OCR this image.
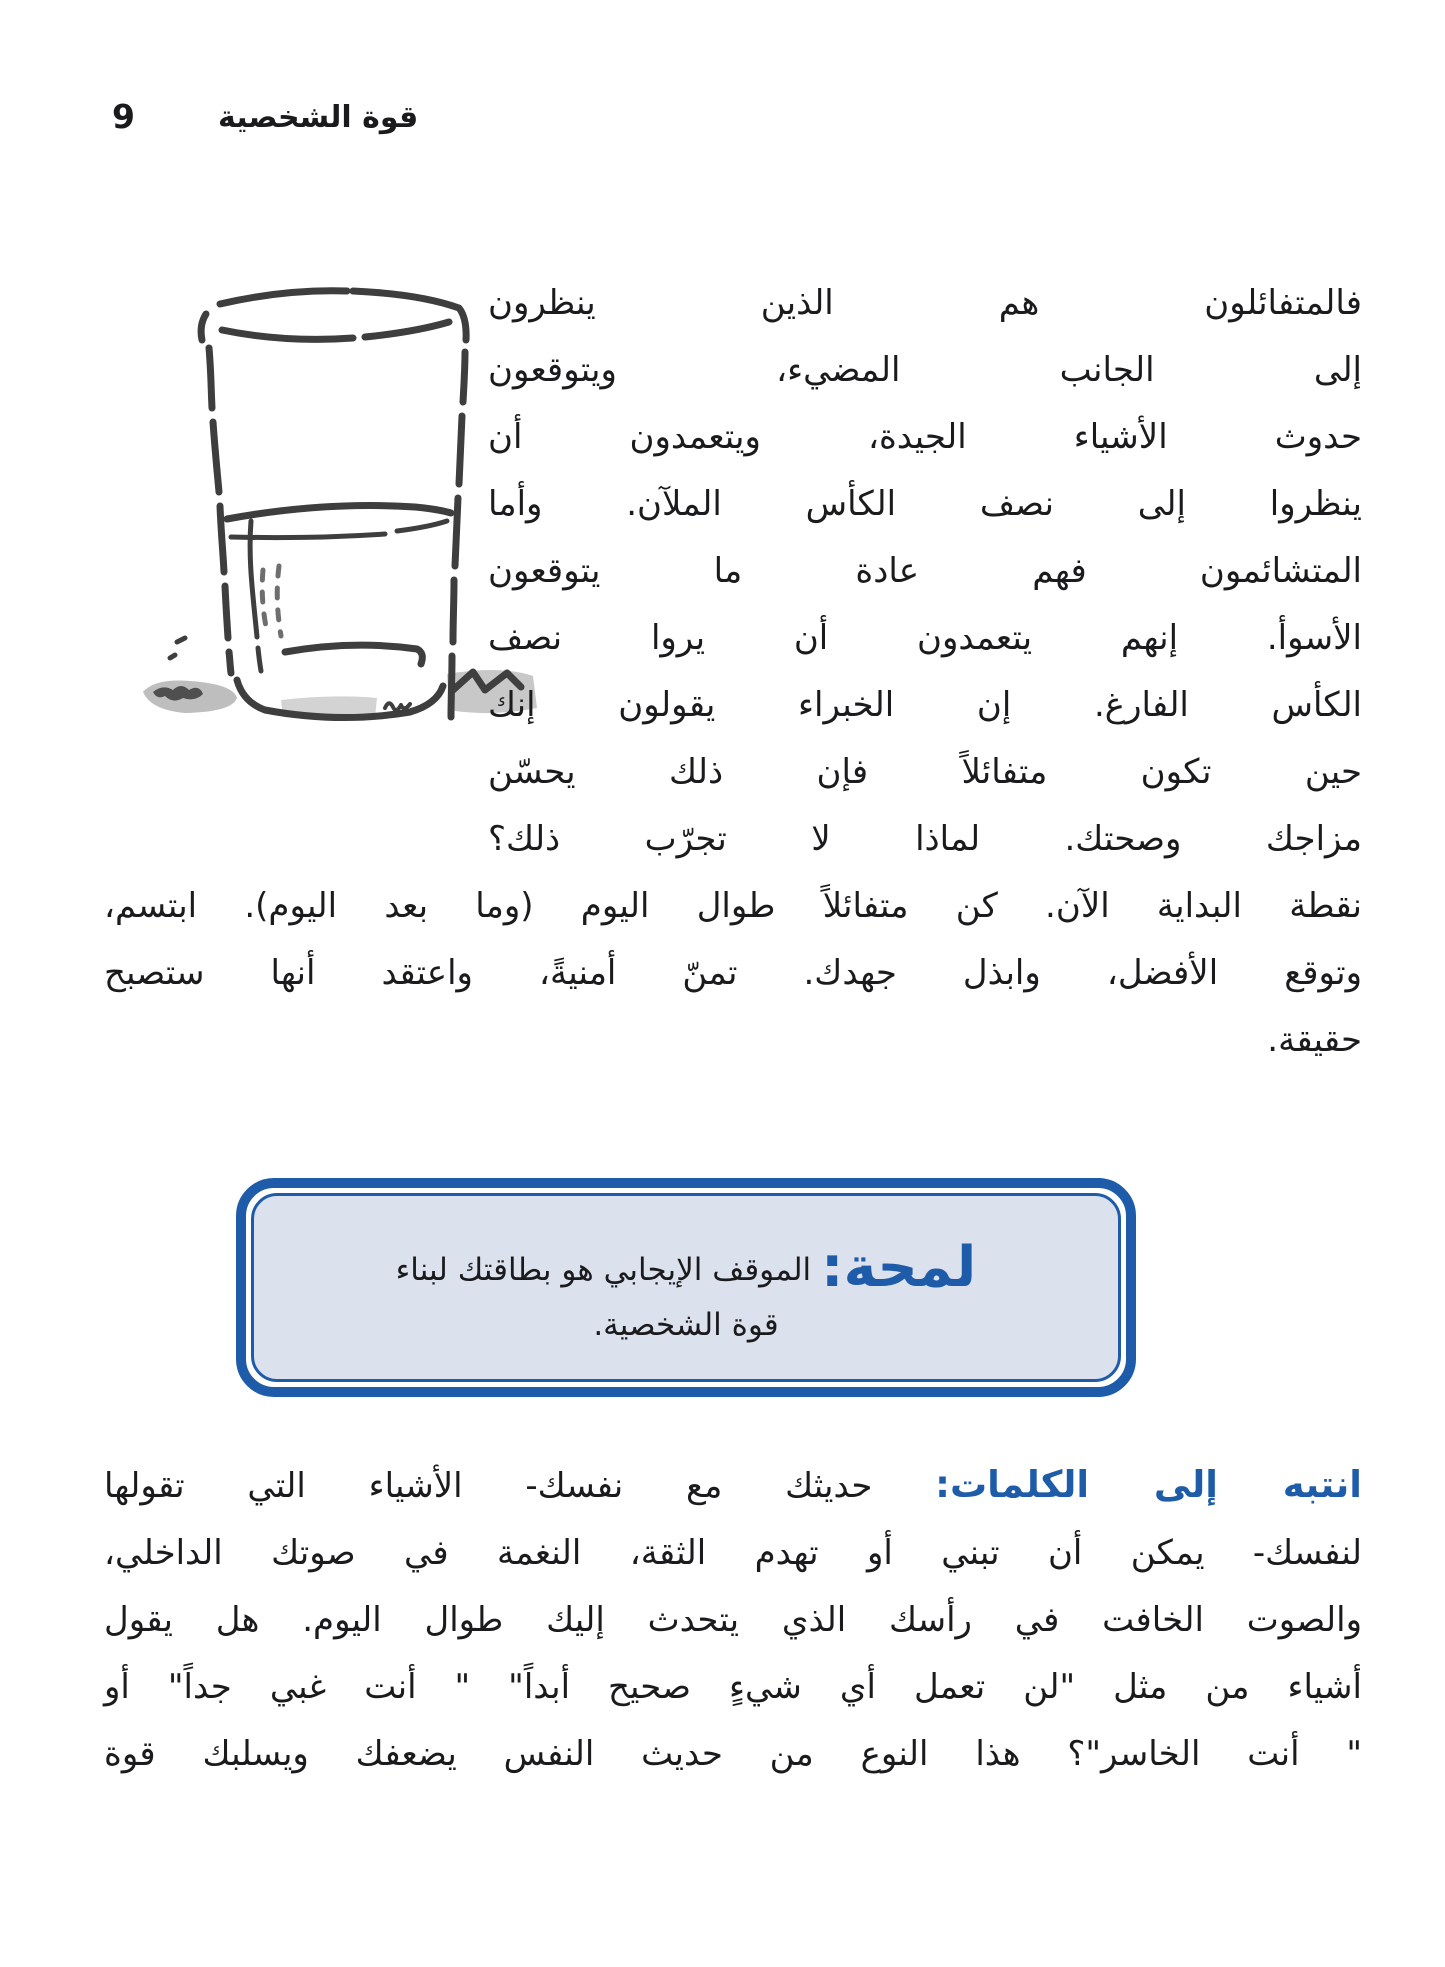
9	قوة الشخصية
فالمتفائلون هم الذين ينظرون
إلى الجانب المضيء، ويتوقعون
حدوث الأشياء الجيدة، ويتعمدون أن
ينظروا إلى نصف الكأس الملآن. وأما
المتشائمون فهم عادة ما يتوقعون
الأسوأ. إنهم يتعمدون أن يروا نصف
الكأس الفارغ. إن الخبراء يقولون إنك
حين تكون متفائلاً فإن ذلك يحسّن
مزاجك وصحتك. لماذا لا تجرّب ذلك؟
نقطة البداية الآن. كن متفائلاً طوال اليوم (وما بعد اليوم). ابتسم،
وتوقع الأفضل، وابذل جهدك. تمنّ أمنيةً، واعتقد أنها ستصبح
حقيقة.
لمحة: الموقف الإيجابي هو بطاقتك لبناء
قوة الشخصية.
انتبه إلى الكلمات: حديثك مع نفسك- الأشياء التي تقولها
لنفسك- يمكن أن تبني أو تهدم الثقة، النغمة في صوتك الداخلي،
والصوت الخافت في رأسك الذي يتحدث إليك طوال اليوم. هل يقول
أشياء من مثل "لن تعمل أي شيءٍ صحيح أبداً" " أنت غبي جداً" أو
" أنت الخاسر"؟ هذا النوع من حديث النفس يضعفك ويسلبك قوة
